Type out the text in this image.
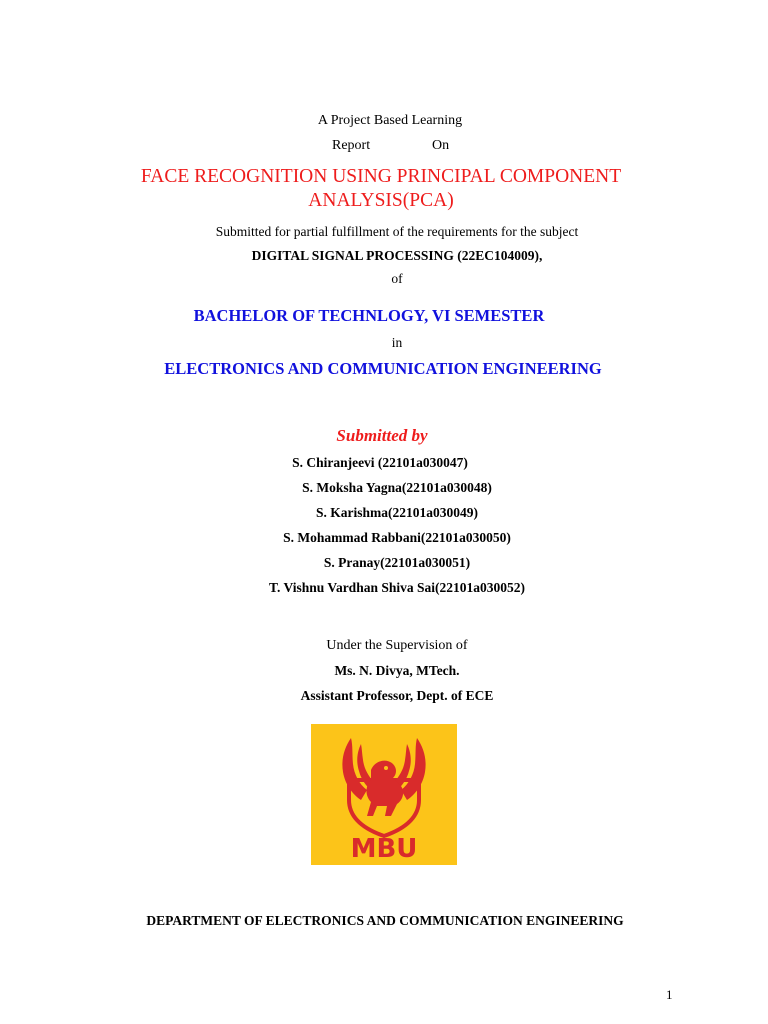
A Project Based Learning
Report	On
FACE RECOGNITION USING PRINCIPAL COMPONENT
ANALYSIS(PCA)
Submitted for partial fulfillment of the requirements for the subject
DIGITAL SIGNAL PROCESSING (22EC104009),
of
BACHELOR OF TECHNLOGY, VI SEMESTER
in
ELECTRONICS AND COMMUNICATION ENGINEERING
Submitted by
S. Chiranjeevi (22101a030047)
S. Moksha Yagna(22101a030048)
S. Karishma(22101a030049)
S. Mohammad Rabbani(22101a030050)
S. Pranay(22101a030051)
T. Vishnu Vardhan Shiva Sai(22101a030052)
Under the Supervision of
Ms. N. Divya, MTech.
Assistant Professor, Dept. of ECE
MBU
DEPARTMENT OF ELECTRONICS AND COMMUNICATION ENGINEERING
1
